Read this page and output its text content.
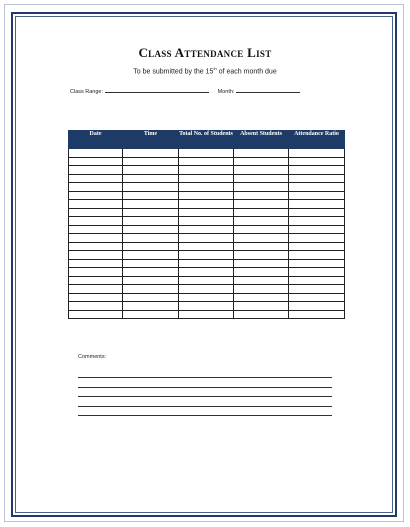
Class Attendance List
To be submitted by the 15th of each month due
Class Range:	Month:
Date	Time	Total No. of Students	Absent Students	Attendance Ratio

Comments:
